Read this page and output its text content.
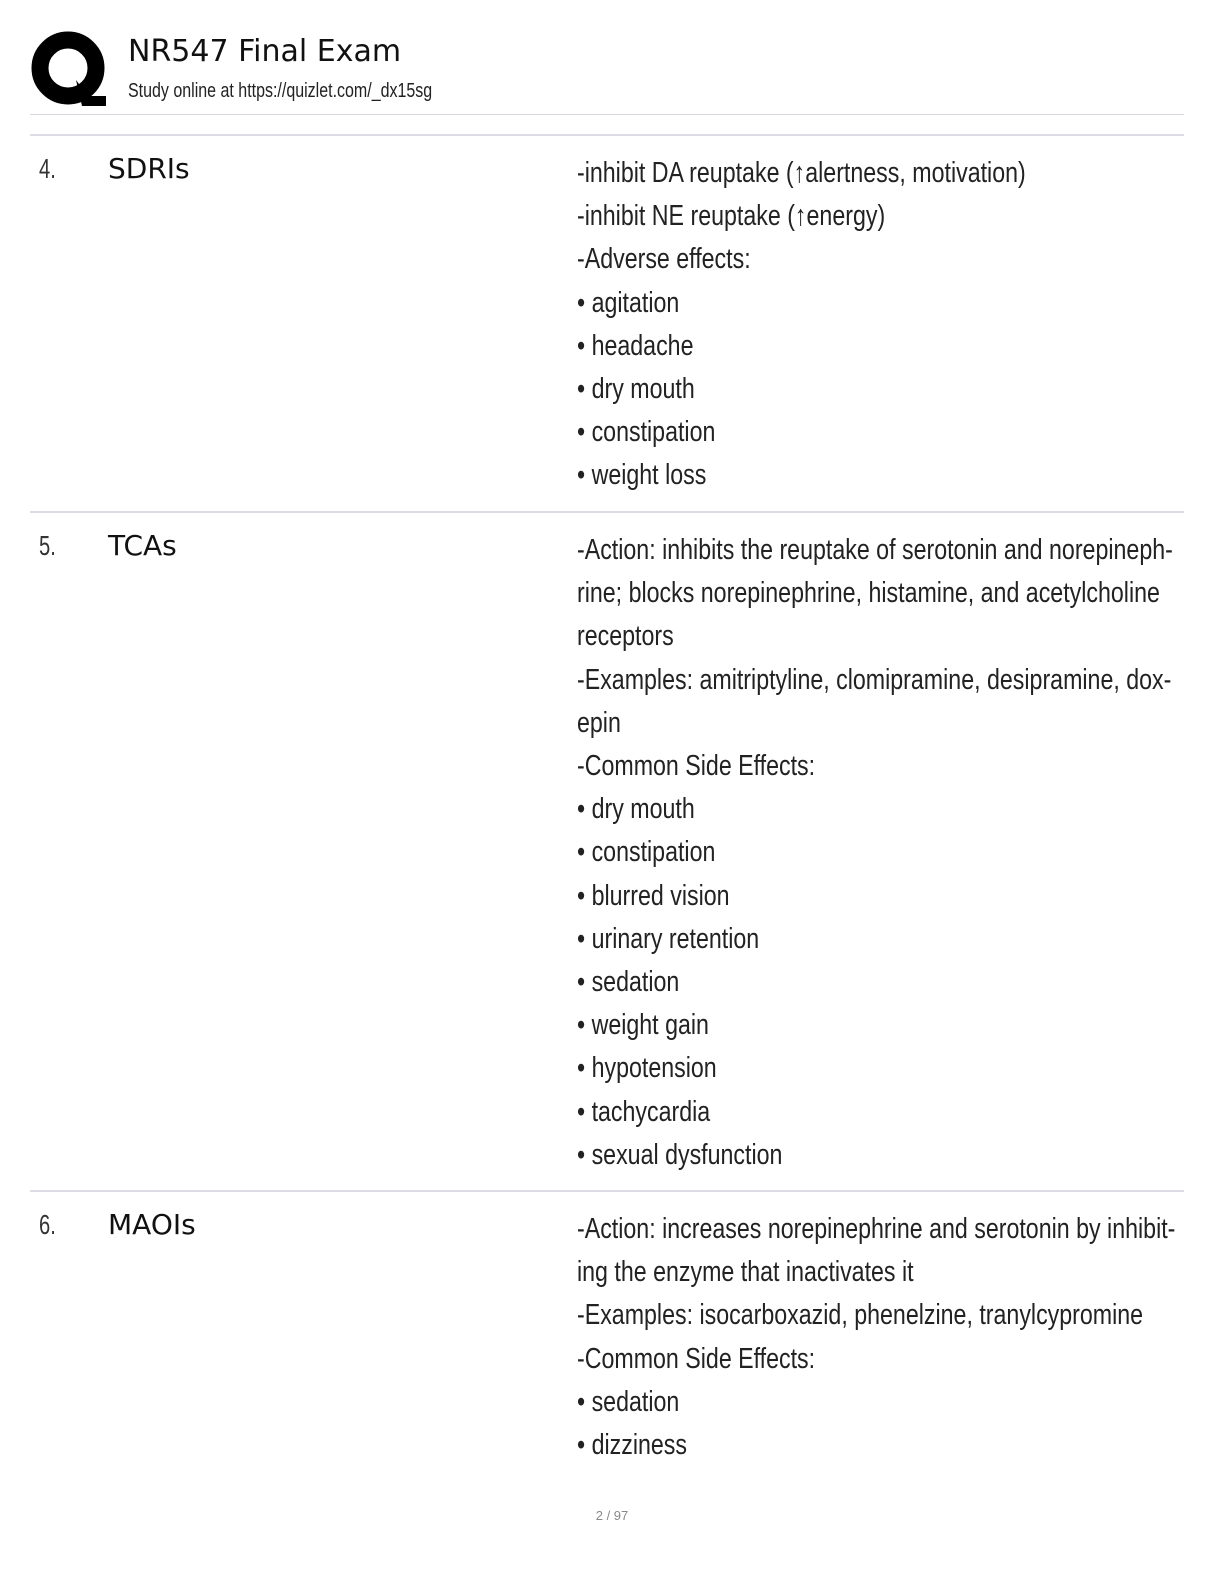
NR547 Final Exam
Study online at https://quizlet.com/_dx15sg
4. SDRIs	-inhibit DA reuptake (↑alertness, motivation)
-inhibit NE reuptake (↑energy)
-Adverse effects:
• agitation
• headache
• dry mouth
• constipation
• weight loss
5. TCAs	-Action: inhibits the reuptake of serotonin and norepineph-
rine; blocks norepinephrine, histamine, and acetylcholine
receptors
-Examples: amitriptyline, clomipramine, desipramine, dox-
epin
-Common Side Effects:
• dry mouth
• constipation
• blurred vision
• urinary retention
• sedation
• weight gain
• hypotension
• tachycardia
• sexual dysfunction
6. MAOIs	-Action: increases norepinephrine and serotonin by inhibit-
ing the enzyme that inactivates it
-Examples: isocarboxazid, phenelzine, tranylcypromine
-Common Side Effects:
• sedation
• dizziness
2 / 97
